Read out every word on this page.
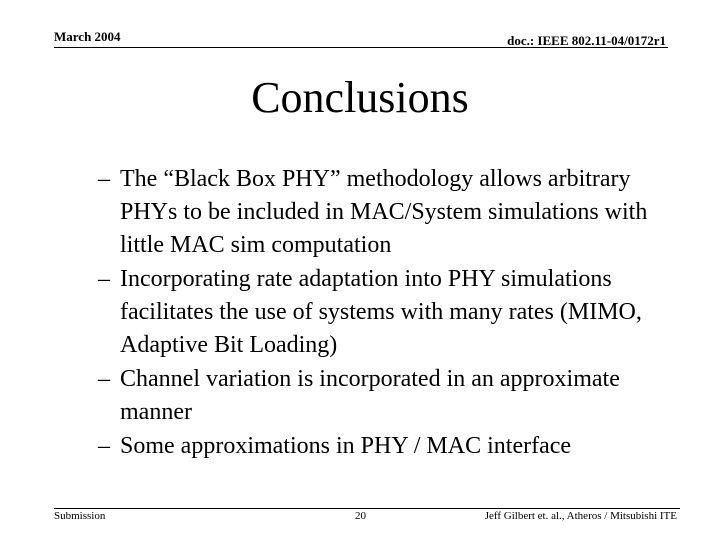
March 2004	doc.: IEEE 802.11-04/0172r1
Conclusions
– The “Black Box PHY” methodology allows arbitrary PHYs to be included in MAC/System simulations with little MAC sim computation
– Incorporating rate adaptation into PHY simulations facilitates the use of systems with many rates (MIMO, Adaptive Bit Loading)
– Channel variation is incorporated in an approximate manner
– Some approximations in PHY / MAC interface
Submission	20	Jeff Gilbert et. al., Atheros / Mitsubishi ITE
